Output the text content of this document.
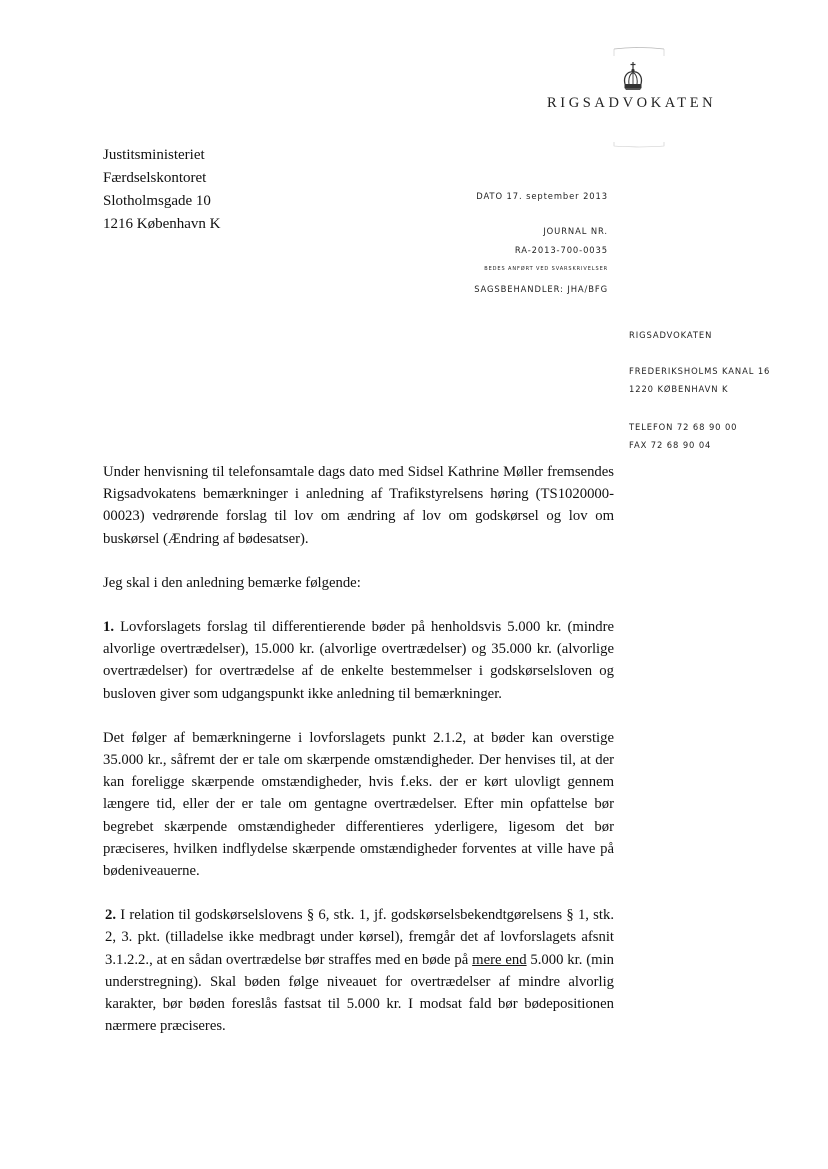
RIGSADVOKATEN
Justitsministeriet
Færdselskontoret
Slotholmsgade 10
1216 København K
DATO 17. september 2013
JOURNAL NR.
RA-2013-700-0035
BEDES ANFØRT VED SVARSKRIVELSER
SAGSBEHANDLER: JHA/BFG
RIGSADVOKATEN
FREDERIKSHOLMS KANAL 16
1220 KØBENHAVN K
TELEFON 72 68 90 00
FAX 72 68 90 04

Under henvisning til telefonsamtale dags dato med Sidsel Kathrine Møller fremsendes Rigsadvokatens bemærkninger i anledning af Trafikstyrelsens høring (TS1020000-00023) vedrørende forslag til lov om ændring af lov om godskørsel og lov om buskørsel (Ændring af bødesatser).

Jeg skal i den anledning bemærke følgende:

1. Lovforslagets forslag til differentierende bøder på henholdsvis 5.000 kr. (mindre alvorlige overtrædelser), 15.000 kr. (alvorlige overtrædelser) og 35.000 kr. (alvorlige overtrædelser) for overtrædelse af de enkelte bestemmelser i godskørselsloven og busloven giver som udgangspunkt ikke anledning til bemærkninger.

Det følger af bemærkningerne i lovforslagets punkt 2.1.2, at bøder kan overstige 35.000 kr., såfremt der er tale om skærpende omstændigheder. Der henvises til, at der kan foreligge skærpende omstændigheder, hvis f.eks. der er kørt ulovligt gennem længere tid, eller der er tale om gentagne overtrædelser. Efter min opfattelse bør begrebet skærpende omstændigheder differentieres yderligere, ligesom det bør præciseres, hvilken indflydelse skærpende omstændigheder forventes at ville have på bødeniveauerne.

2. I relation til godskørselslovens § 6, stk. 1, jf. godskørselsbekendtgørelsens § 1, stk. 2, 3. pkt. (tilladelse ikke medbragt under kørsel), fremgår det af lovforslagets afsnit 3.1.2.2., at en sådan overtrædelse bør straffes med en bøde på mere end 5.000 kr. (min understregning). Skal bøden følge niveauet for overtrædelser af mindre alvorlig karakter, bør bøden foreslås fastsat til 5.000 kr. I modsat fald bør bødepositionen nærmere præciseres.
